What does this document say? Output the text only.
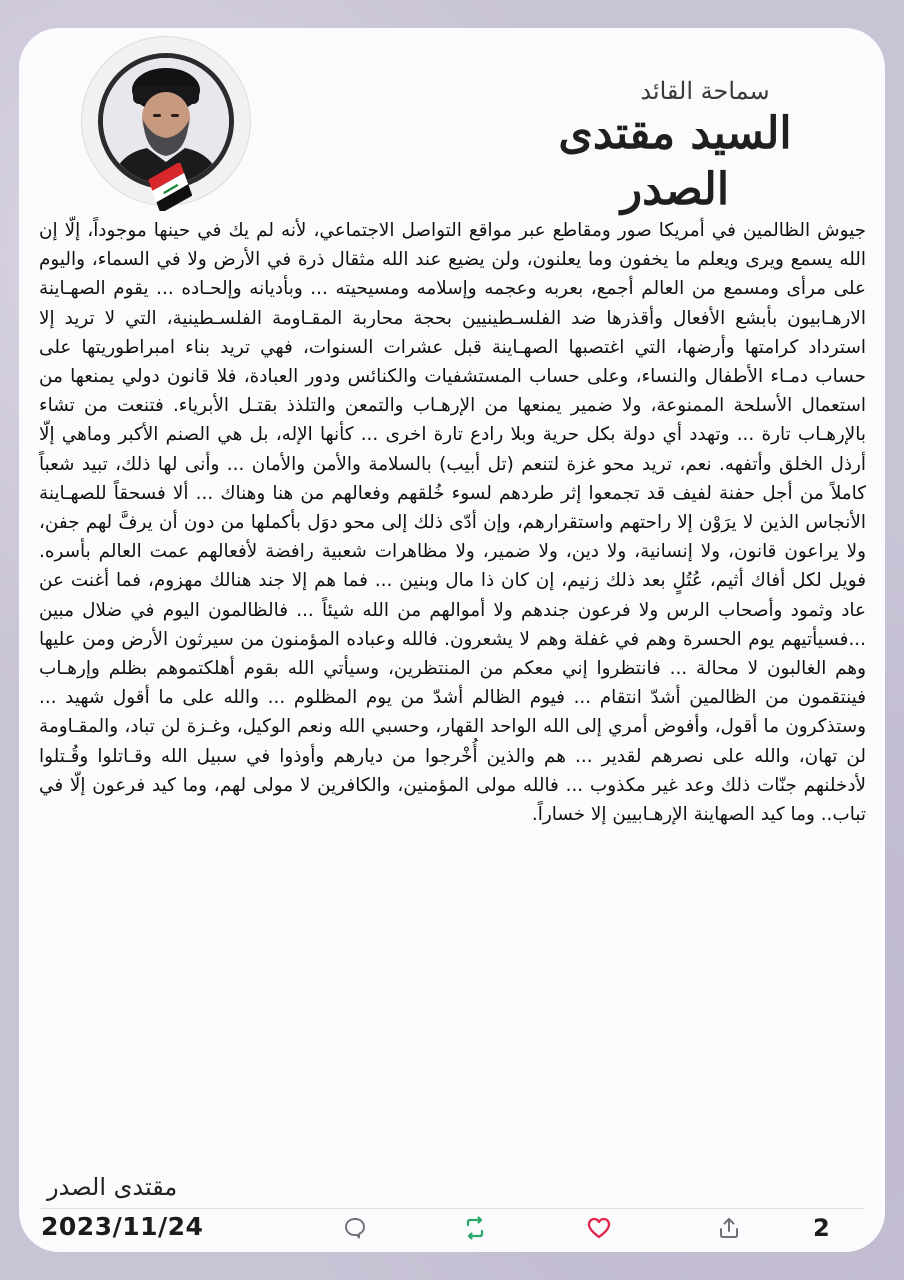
سماحة القائد
السيد مقتدى الصدر

جيوش الظالمين في أمريكا صور ومقاطع عبر مواقع التواصل الاجتماعي، لأنه لم يك في حينها موجوداً، إلّا إن الله يسمع ويرى ويعلم ما يخفون وما يعلنون، ولن يضيع عند الله مثقال ذرة في الأرض ولا في السماء، واليوم على مرأى ومسمع من العالم أجمع، بعربه وعجمه وإسلامه ومسيحيته ... وبأديانه وإلحـاده ... يقوم الصهـاينة الارهـابيون بأبشع الأفعال وأقذرها ضد الفلسـطينيين بحجة محاربة المقـاومة الفلسـطينية، التي لا تريد إلا استرداد كرامتها وأرضها، التي اغتصبها الصهـاينة قبل عشرات السنوات، فهي تريد بناء امبراطوريتها على حساب دمـاء الأطفال والنساء، وعلى حساب المستشفيات والكنائس ودور العبادة، فلا قانون دولي يمنعها من استعمال الأسلحة الممنوعة، ولا ضمير يمنعها من الإرهـاب والتمعن والتلذذ بقتـل الأبرياء. فتنعت من تشاء بالإرهـاب تارة ... وتهدد أي دولة بكل حرية وبلا رادع تارة اخرى ... كأنها الإله، بل هي الصنم الأكبر وماهي إلّا أرذل الخلق وأتفهه. نعم، تريد محو غزة لتنعم (تل أبيب) بالسلامة والأمن والأمان ... وأنى لها ذلك، تبيد شعباً كاملاً من أجل حفنة لفيف قد تجمعوا إثر طردهم لسوء خُلقهم وفعالهم من هنا وهناك ... ألا فسحقاً للصهـاينة الأنجاس الذين لا يرَوْن إلا راحتهم واستقرارهم، وإن أدّى ذلك إلى محو دوَل بأكملها من دون أن يرفَّ لهم جفن، ولا يراعون قانون، ولا إنسانية، ولا دين، ولا ضمير، ولا مظاهرات شعبية رافضة لأفعالهم عمت العالم بأسره. فويل لكل أفاك أثيم، عُتُلٍ بعد ذلك زنيم، إن كان ذا مال وبنين ... فما هم إلا جند هنالك مهزوم، فما أغنت عن عاد وثمود وأصحاب الرس ولا فرعون جندهم ولا أموالهم من الله شيئاً ... فالظالمون اليوم في ضلال مبين ...فسيأتيهم يوم الحسرة وهم في غفلة وهم لا يشعرون. فالله وعباده المؤمنون من سيرثون الأرض ومن عليها وهم الغالبون لا محالة ... فانتظروا إني معكم من المنتظرين، وسيأتي الله بقوم أهلكتموهم بظلم وإرهـاب فينتقمون من الظالمين أشدّ انتقام ... فيوم الظالم أشدّ من يوم المظلوم ... والله على ما أقول شهيد ... وستذكرون ما أقول، وأفوض أمري إلى الله الواحد القهار، وحسبي الله ونعم الوكيل، وغـزة لن تباد، والمقـاومة لن تهان، والله على نصرهم لقدير ... هم والذين أُخْرجوا من ديارهم وأوذوا في سبيل الله وقـاتلوا وقُـتلوا لأدخلنهم جنّات ذلك وعد غير مكذوب ... فالله مولى المؤمنين، والكافرين لا مولى لهم، وما كيد فرعون إلّا في تباب.. وما كيد الصهاينة الإرهـابيين إلا خساراً.

مقتدى الصدر
2023/11/24	2
